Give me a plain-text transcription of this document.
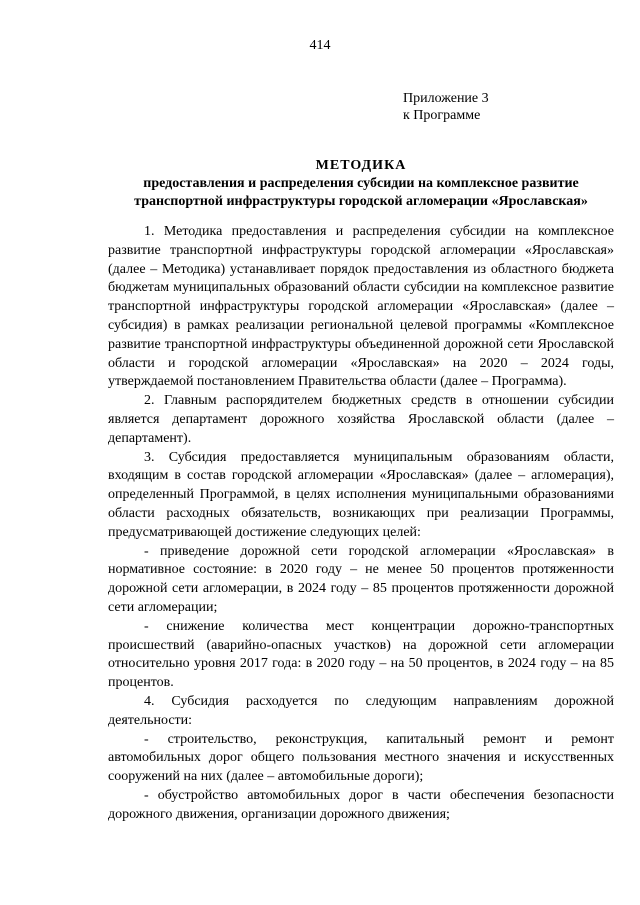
414
Приложение 3
к Программе
МЕТОДИКА
предоставления и распределения субсидии на комплексное развитие
транспортной инфраструктуры городской агломерации «Ярославская»

1. Методика предоставления и распределения субсидии на комплексное развитие транспортной инфраструктуры городской агломерации «Ярославская» (далее – Методика) устанавливает порядок предоставления из областного бюджета бюджетам муниципальных образований области субсидии на комплексное развитие транспортной инфраструктуры городской агломерации «Ярославская» (далее – субсидия) в рамках реализации региональной целевой программы «Комплексное развитие транспортной инфраструктуры объединенной дорожной сети Ярославской области и городской агломерации «Ярославская» на 2020 – 2024 годы, утверждаемой постановлением Правительства области (далее – Программа).

2. Главным распорядителем бюджетных средств в отношении субсидии является департамент дорожного хозяйства Ярославской области (далее – департамент).

3. Субсидия предоставляется муниципальным образованиям области, входящим в состав городской агломерации «Ярославская» (далее – агломерация), определенный Программой, в целях исполнения муниципальными образованиями области расходных обязательств, возникающих при реализации Программы, предусматривающей достижение следующих целей:

- приведение дорожной сети городской агломерации «Ярославская» в нормативное состояние: в 2020 году – не менее 50 процентов протяженности дорожной сети агломерации, в 2024 году – 85 процентов протяженности дорожной сети агломерации;

- снижение количества мест концентрации дорожно-транспортных происшествий (аварийно-опасных участков) на дорожной сети агломерации относительно уровня 2017 года: в 2020 году – на 50 процентов, в 2024 году – на 85 процентов.

4. Субсидия расходуется по следующим направлениям дорожной деятельности:

- строительство, реконструкция, капитальный ремонт и ремонт автомобильных дорог общего пользования местного значения и искусственных сооружений на них (далее – автомобильные дороги);

- обустройство автомобильных дорог в части обеспечения безопасности дорожного движения, организации дорожного движения;
